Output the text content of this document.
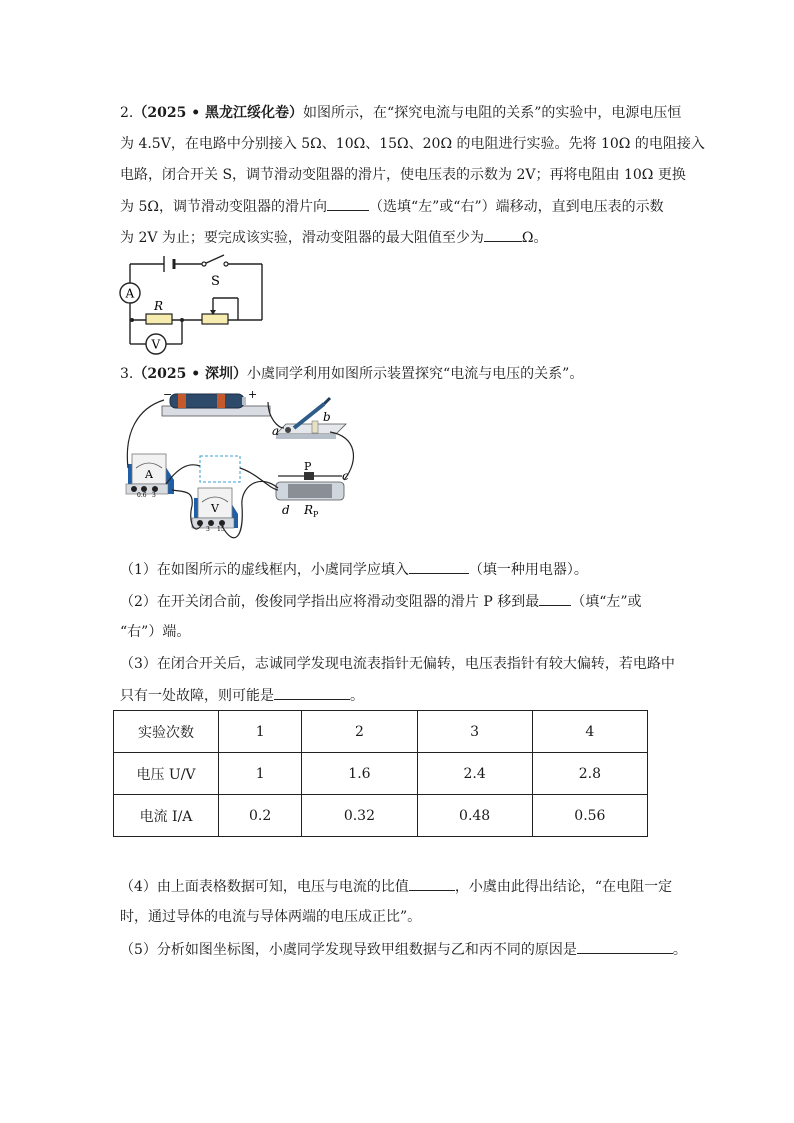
2.（2025 • 黑龙江绥化卷）如图所示，在“探究电流与电阻的关系”的实验中，电源电压恒
为 4.5V，在电路中分别接入 5Ω、10Ω、15Ω、20Ω 的电阻进行实验。先将 10Ω 的电阻接入
电路，闭合开关 S，调节滑动变阻器的滑片，使电压表的示数为 2V；再将电阻由 10Ω 更换
为 5Ω，调节滑动变阻器的滑片向	（选填“左”或“右”）端移动，直到电压表的示数
为 2V 为止；要完成该实验，滑动变阻器的最大阻值至少为	Ω。
S
A
R
V
3.（2025 • 深圳）小虞同学利用如图所示装置探究“电流与电压的关系”。
−	+
a
b
A
0.6 3
V
3 15
P
c
d $R_P$
（1）在如图所示的虚线框内，小虞同学应填入	（填一种用电器）。
（2）在开关闭合前，俊俊同学指出应将滑动变阻器的滑片 P 移到最 （填“左”或
“右”）端。
（3）在闭合开关后，志诚同学发现电流表指针无偏转，电压表指针有较大偏转，若电路中
只有一处故障，则可能是	。
实验次数	1	2	3	4
电压 U/V	1	1.6	2.4	2.8
电流 I/A	0.2	0.32	0.48	0.56
（4）由上面表格数据可知，电压与电流的比值	，小虞由此得出结论，“在电阻一定
时，通过导体的电流与导体两端的电压成正比”。
（5）分析如图坐标图，小虞同学发现导致甲组数据与乙和丙不同的原因是	。
